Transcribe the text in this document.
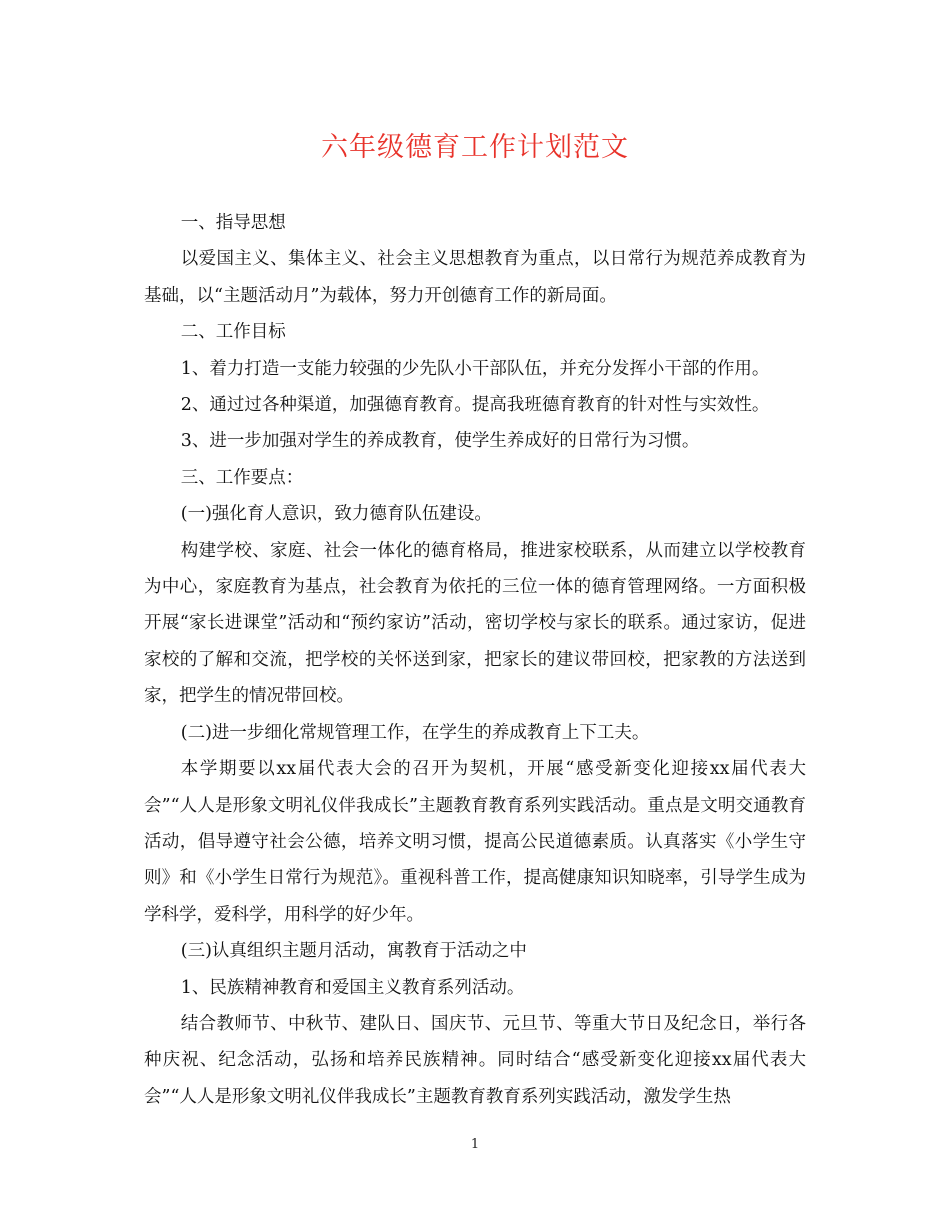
六年级德育工作计划范文

一、指导思想

以爱国主义、集体主义、社会主义思想教育为重点，以日常行为规范养成教育为基础，以“主题活动月”为载体，努力开创德育工作的新局面。

二、工作目标

1、着力打造一支能力较强的少先队小干部队伍，并充分发挥小干部的作用。

2、通过过各种渠道，加强德育教育。提高我班德育教育的针对性与实效性。

3、进一步加强对学生的养成教育，使学生养成好的日常行为习惯。

三、工作要点：

(一)强化育人意识，致力德育队伍建设。

构建学校、家庭、社会一体化的德育格局，推进家校联系，从而建立以学校教育为中心，家庭教育为基点，社会教育为依托的三位一体的德育管理网络。一方面积极开展“家长进课堂”活动和“预约家访”活动，密切学校与家长的联系。通过家访，促进家校的了解和交流，把学校的关怀送到家，把家长的建议带回校，把家教的方法送到家，把学生的情况带回校。

(二)进一步细化常规管理工作，在学生的养成教育上下工夫。

本学期要以xx届代表大会的召开为契机，开展“感受新变化迎接xx届代表大会”“人人是形象文明礼仪伴我成长”主题教育教育系列实践活动。重点是文明交通教育活动，倡导遵守社会公德，培养文明习惯，提高公民道德素质。认真落实《小学生守则》和《小学生日常行为规范》。重视科普工作，提高健康知识知晓率，引导学生成为学科学，爱科学，用科学的好少年。

(三)认真组织主题月活动，寓教育于活动之中

1、民族精神教育和爱国主义教育系列活动。

结合教师节、中秋节、建队日、国庆节、元旦节、等重大节日及纪念日，举行各种庆祝、纪念活动，弘扬和培养民族精神。同时结合“感受新变化迎接xx届代表大会”“人人是形象文明礼仪伴我成长”主题教育教育系列实践活动，激发学生热

1
